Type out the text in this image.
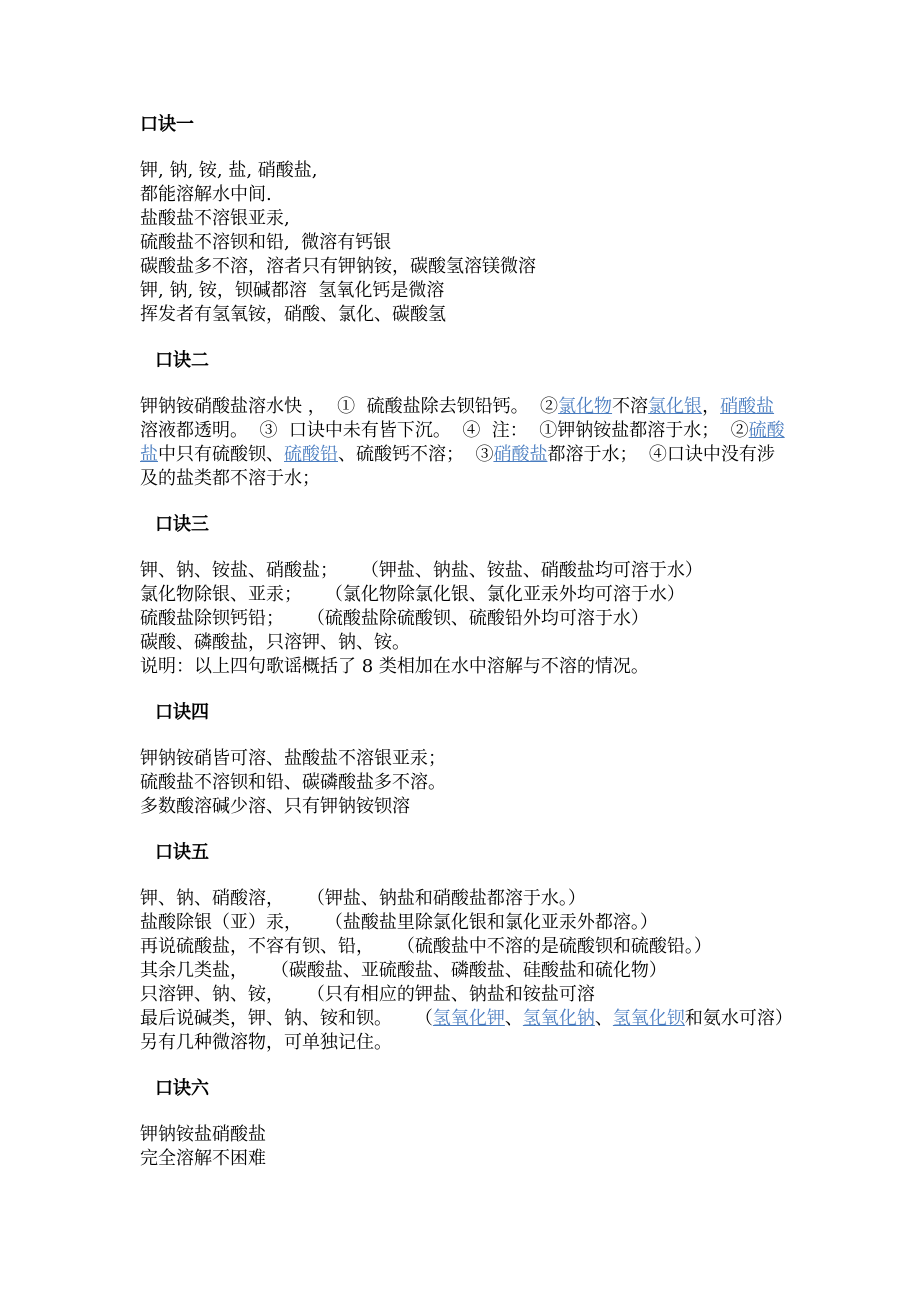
口诀一
钾, 钠, 铵, 盐, 硝酸盐,
都能溶解水中间.
盐酸盐不溶银亚汞,
硫酸盐不溶钡和铅,  微溶有钙银
碳酸盐多不溶，溶者只有钾钠铵，碳酸氢溶镁微溶
钾, 钠, 铵，钡碱都溶  氢氧化钙是微溶
挥发者有氢氧铵，硝酸、氯化、碳酸氢
口诀二
钾钠铵硝酸盐溶水快 ，  ①  硫酸盐除去钡铅钙。  ②氯化物不溶氯化银，硝酸盐
溶液都透明。  ③  口诀中未有皆下沉。  ④  注：  ①钾钠铵盐都溶于水；  ②硫酸
盐中只有硫酸钡、硫酸铅、硫酸钙不溶；  ③硝酸盐都溶于水；  ④口诀中没有涉
及的盐类都不溶于水；
口诀三
钾、钠、铵盐、硝酸盐；    （钾盐、钠盐、铵盐、硝酸盐均可溶于水）
氯化物除银、亚汞；    （氯化物除氯化银、氯化亚汞外均可溶于水）
硫酸盐除钡钙铅；    （硫酸盐除硫酸钡、硫酸铅外均可溶于水）
碳酸、磷酸盐，只溶钾、钠、铵。
说明：以上四句歌谣概括了 8 类相加在水中溶解与不溶的情况。
口诀四
钾钠铵硝皆可溶、盐酸盐不溶银亚汞；
硫酸盐不溶钡和铅、碳磷酸盐多不溶。
多数酸溶碱少溶、只有钾钠铵钡溶
口诀五
钾、钠、硝酸溶，    （钾盐、钠盐和硝酸盐都溶于水。）
盐酸除银（亚）汞，    （盐酸盐里除氯化银和氯化亚汞外都溶。）
再说硫酸盐，不容有钡、铅，    （硫酸盐中不溶的是硫酸钡和硫酸铅。）
其余几类盐，    （碳酸盐、亚硫酸盐、磷酸盐、硅酸盐和硫化物）
只溶钾、钠、铵，    （只有相应的钾盐、钠盐和铵盐可溶
最后说碱类，钾、钠、铵和钡。    （氢氧化钾、氢氧化钠、氢氧化钡和氨水可溶）
另有几种微溶物，可单独记住。
口诀六
钾钠铵盐硝酸盐
完全溶解不困难
